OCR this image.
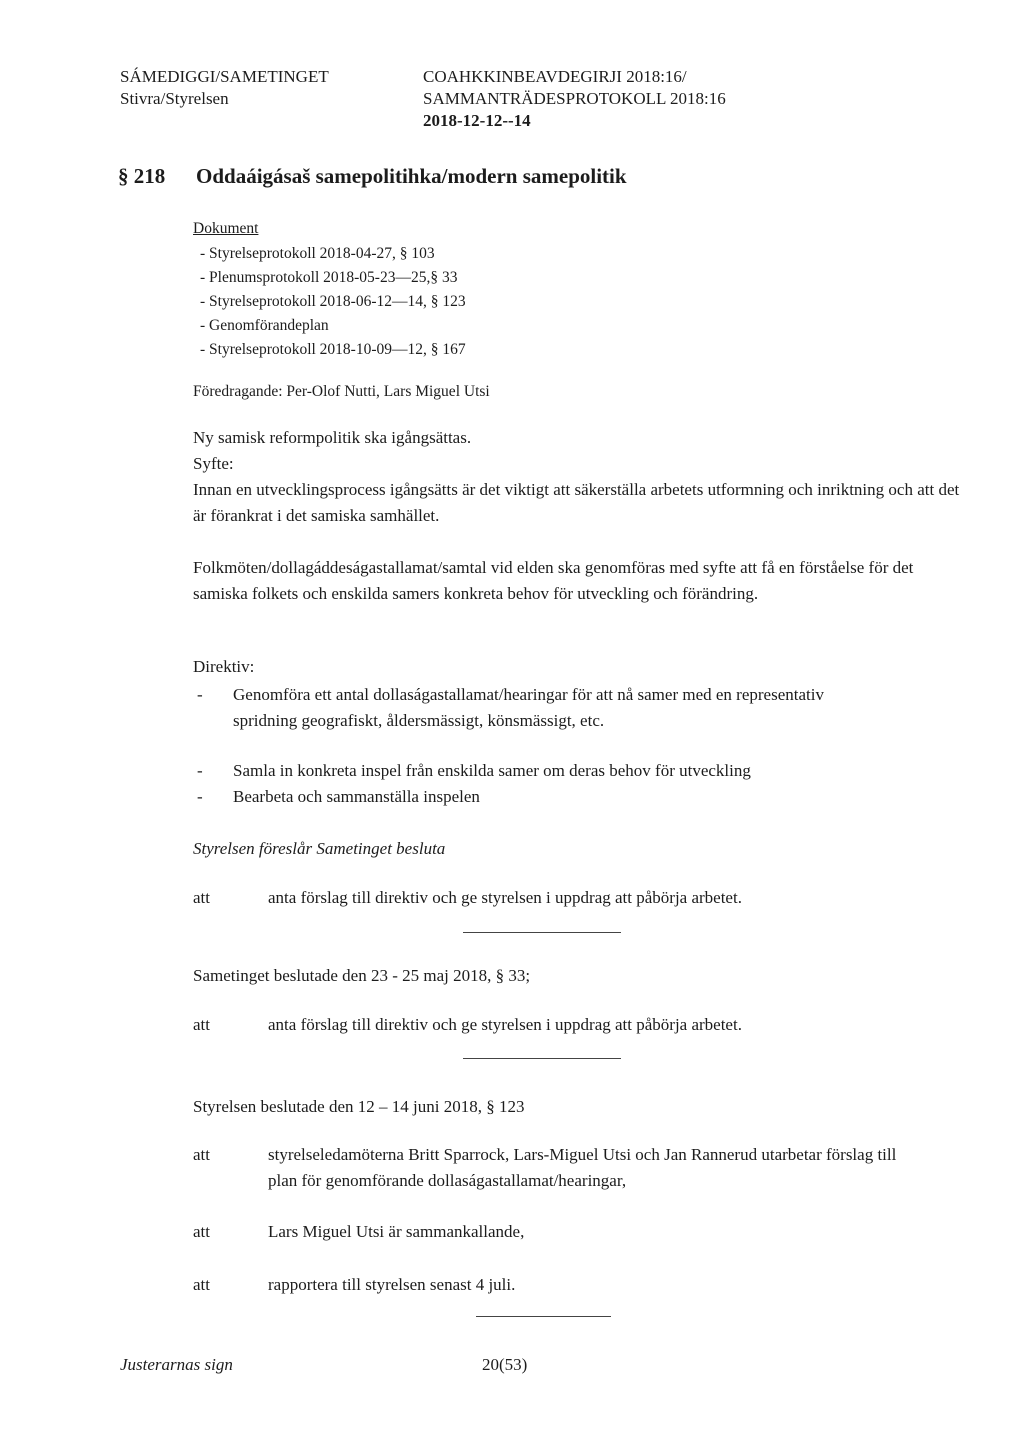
SÁMEDIGGI/SAMETINGET
Stivra/Styrelsen
COAHKKINBEAVDEGIRJI 2018:16/
SAMMANTRÄDESPROTOKOLL 2018:16
2018-12-12--14
§ 218 Oddaáigásaš samepolitihka/modern samepolitik
Dokument
- Styrelseprotokoll 2018-04-27, § 103
- Plenumsprotokoll 2018-05-23—25,§ 33
- Styrelseprotokoll 2018-06-12—14, § 123
- Genomförandeplan
- Styrelseprotokoll 2018-10-09—12, § 167
Föredragande: Per-Olof Nutti, Lars Miguel Utsi
Ny samisk reformpolitik ska igångsättas.
Syfte:
Innan en utvecklingsprocess igångsätts är det viktigt att säkerställa arbetets utformning och inriktning och att det är förankrat i det samiska samhället.
Folkmöten/dollagáddeságastallamat/samtal vid elden ska genomföras med syfte att få en förståelse för det samiska folkets och enskilda samers konkreta behov för utveckling och förändring.
Direktiv:
- Genomföra ett antal dollaságastallamat/hearingar för att nå samer med en representativ spridning geografiskt, åldersmässigt, könsmässigt, etc.
- Samla in konkreta inspel från enskilda samer om deras behov för utveckling
- Bearbeta och sammanställa inspelen
Styrelsen föreslår Sametinget besluta
att	anta förslag till direktiv och ge styrelsen i uppdrag att påbörja arbetet.
Sametinget beslutade den 23 - 25 maj 2018, § 33;
att	anta förslag till direktiv och ge styrelsen i uppdrag att påbörja arbetet.
Styrelsen beslutade den 12 – 14 juni 2018, § 123
att	styrelseledamöterna Britt Sparrock, Lars-Miguel Utsi och Jan Rannerud utarbetar förslag till plan för genomförande dollaságastallamat/hearingar,
att	Lars Miguel Utsi är sammankallande,
att	rapportera till styrelsen senast 4 juli.
Justerarnas sign	20(53)
